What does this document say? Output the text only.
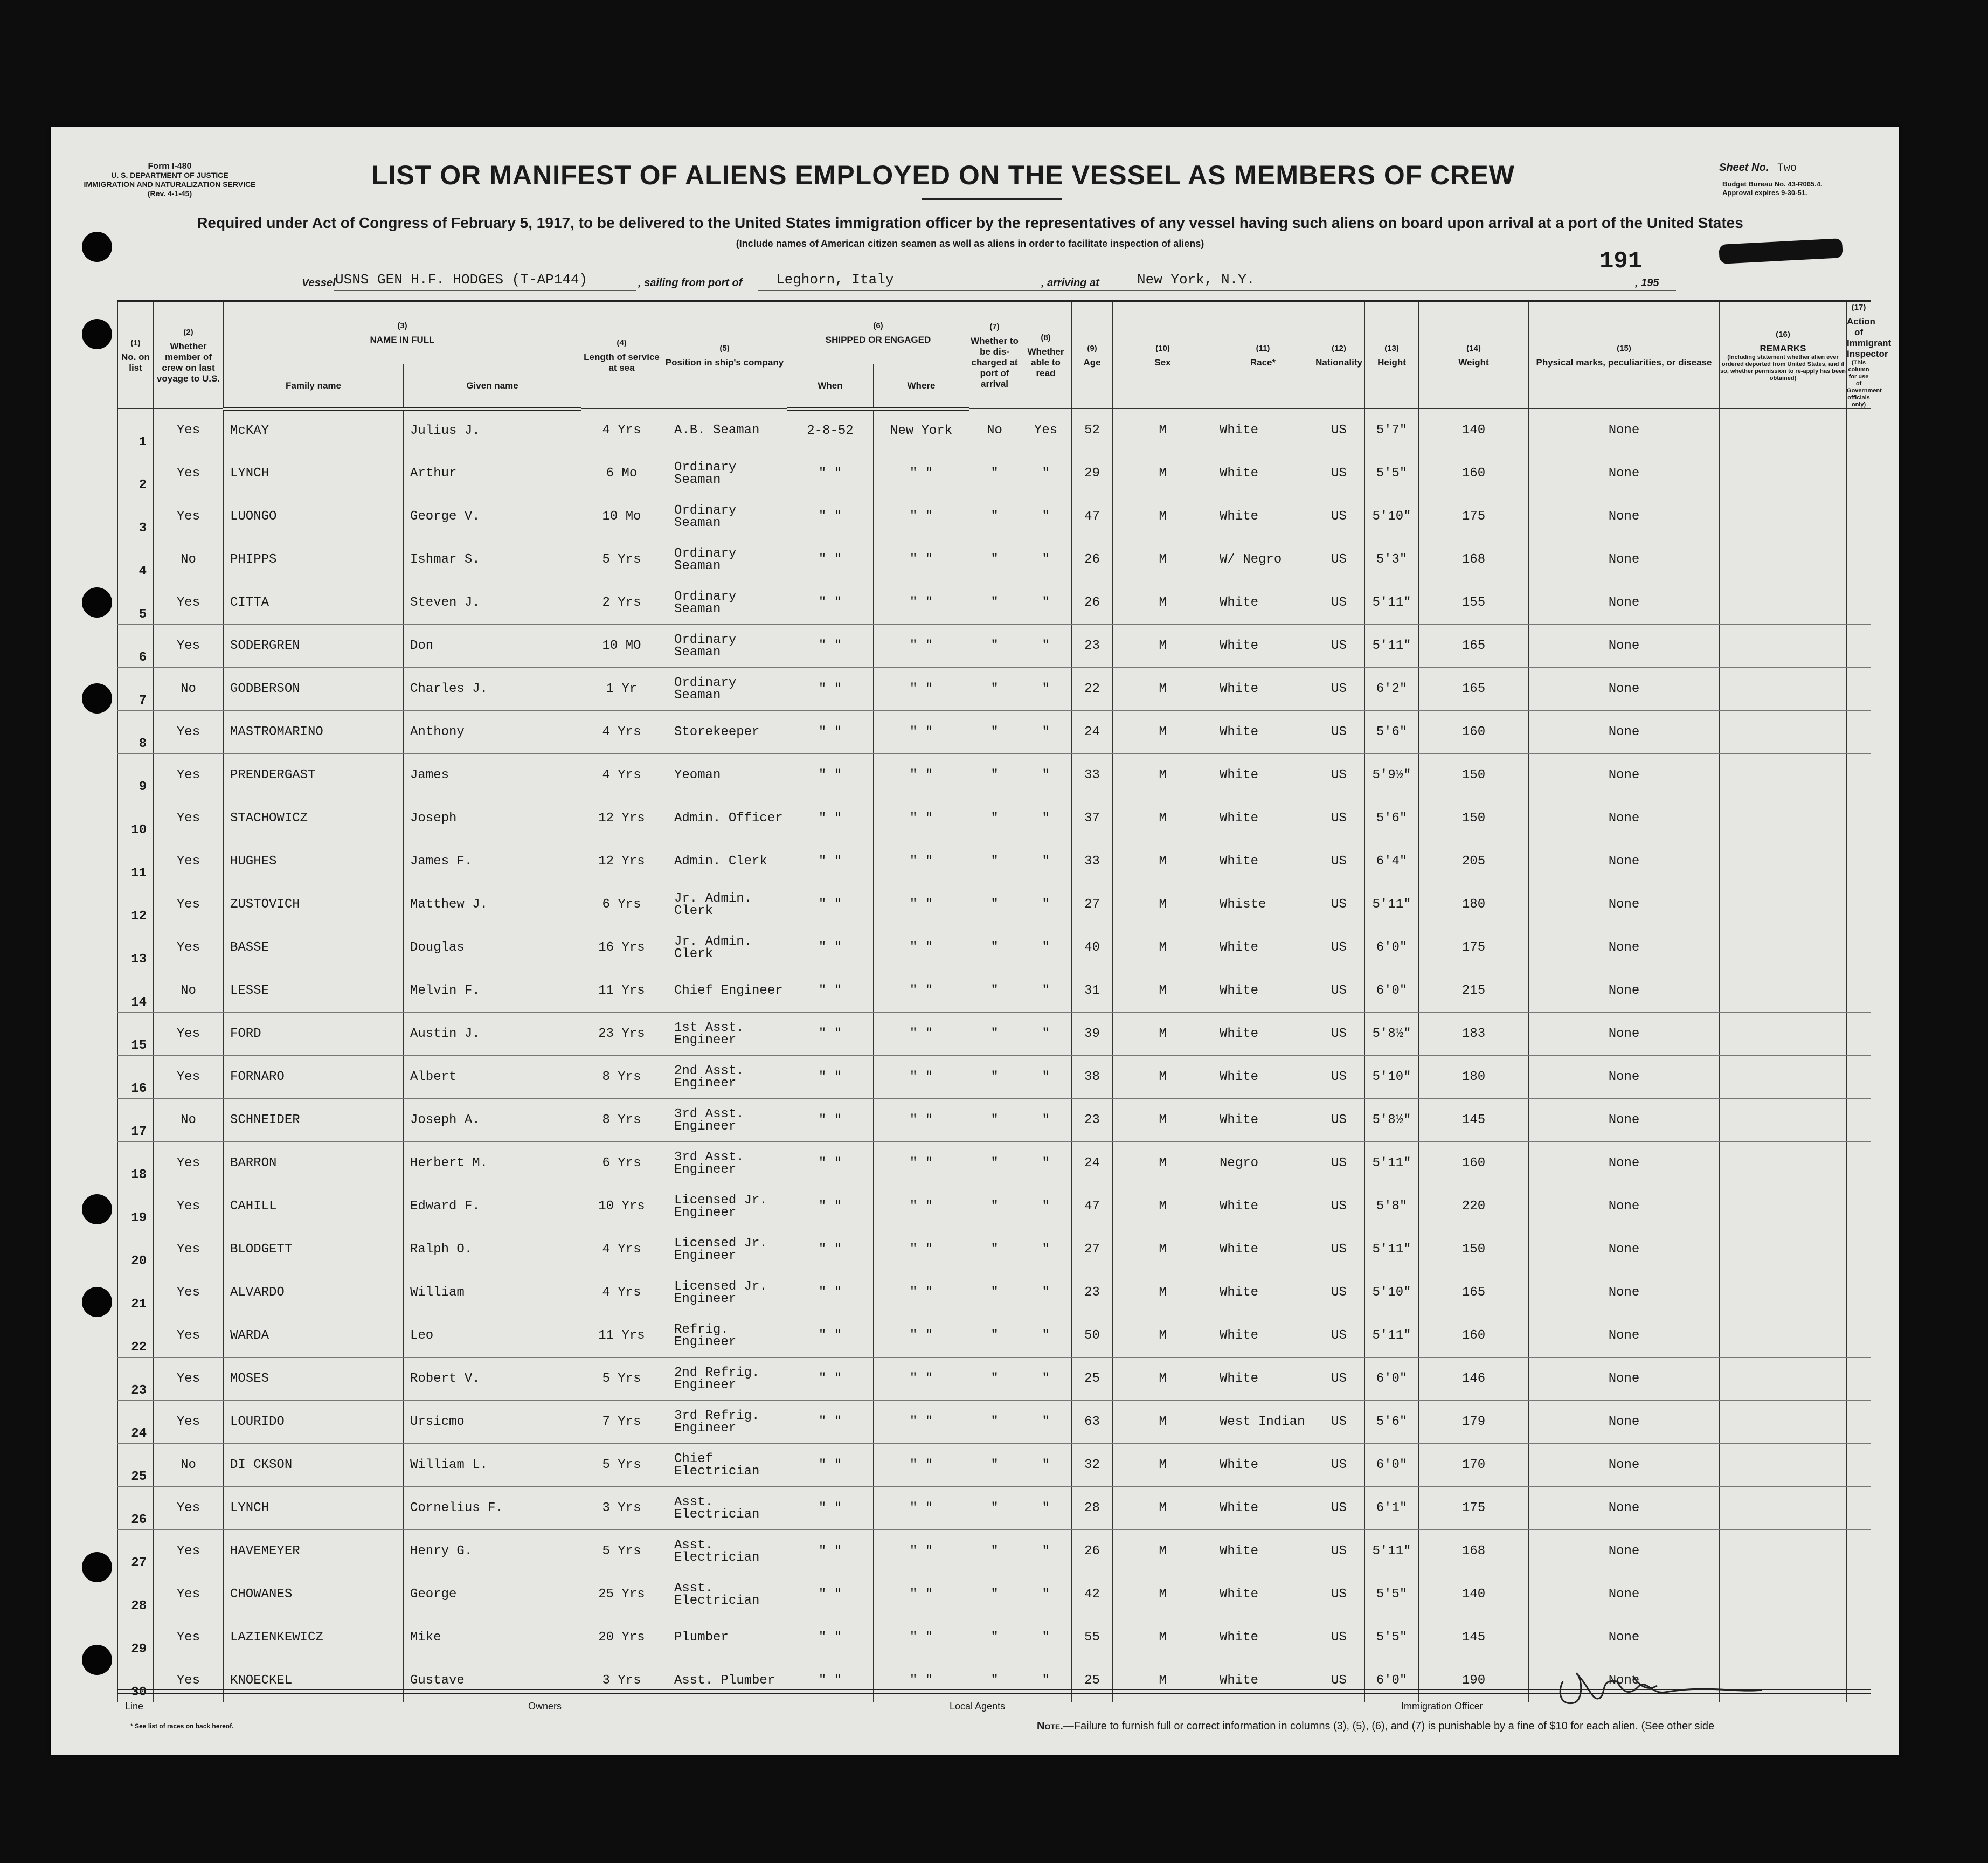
Form I-480
U. S. DEPARTMENT OF JUSTICE
IMMIGRATION AND NATURALIZATION SERVICE
(Rev. 4-1-45)
LIST OR MANIFEST OF ALIENS EMPLOYED ON THE VESSEL AS MEMBERS OF CREW	Sheet No. Two
Budget Bureau No. 43-R065.4.
Approval expires 9-30-51.
Required under Act of Congress of February 5, 1917, to be delivered to the United States immigration officer by the representatives of any vessel having such aliens on board upon arrival at a port of the United States
(Include names of American citizen seamen as well as aliens in order to facilitate inspection of aliens)
Vessel USNS GEN H.F. HODGES (T-AP144)	, sailing from port of Leghorn, Italy	, arriving at	New York, N.Y.	, 195
191
(1)
No. on list	(2)
Whether member of crew on last voyage to U.S.	(3)
NAME IN FULL		(4)
Length of service at sea	(5)
Position in ship's company	(6)
SHIPPED OR ENGAGED		(7)
Whether to be dis-charged at port of arrival	(8)
Whether able to read	(9)
Age	(10)
Sex	(11)
Race*	(12)
Nationality	(13)
Height	(14)
Weight	(15)
Physical marks, peculiarities, or disease	(16)
REMARKS
(Including statement whether alien ever ordered deported from United States, and if so, whether permission to re-apply has been obtained)	(17)
Action of Immigrant Inspector
(This column for use of Government officials only)

		Family name	Given name			When	Where											
1	Yes	McKAY	Julius J.	4 Yrs	A.B. Seaman	2-8-52	New York	No	Yes	52	M	White	US	5'7"	140	None		
2	Yes	LYNCH	Arthur	6 Mo	Ordinary Seaman	" "	" "	"	"	29	M	White	US	5'5"	160	None		
3	Yes	LUONGO	George V.	10 Mo	Ordinary Seaman	" "	" "	"	"	47	M	White	US	5'10"	175	None		
4	No	PHIPPS	Ishmar S.	5 Yrs	Ordinary Seaman	" "	" "	"	"	26	M	W/ Negro	US	5'3"	168	None		
5	Yes	CITTA	Steven J.	2 Yrs	Ordinary Seaman	" "	" "	"	"	26	M	White	US	5'11"	155	None		
6	Yes	SODERGREN	Don	10 MO	Ordinary Seaman	" "	" "	"	"	23	M	White	US	5'11"	165	None		
7	No	GODBERSON	Charles J.	1 Yr	Ordinary Seaman	" "	" "	"	"	22	M	White	US	6'2"	165	None		
8	Yes	MASTROMARINO	Anthony	4 Yrs	Storekeeper	" "	" "	"	"	24	M	White	US	5'6"	160	None		
9	Yes	PRENDERGAST	James	4 Yrs	Yeoman	" "	" "	"	"	33	M	White	US	5'9½"	150	None		
10	Yes	STACHOWICZ	Joseph	12 Yrs	Admin. Officer	" "	" "	"	"	37	M	White	US	5'6"	150	None		
11	Yes	HUGHES	James F.	12 Yrs	Admin. Clerk	" "	" "	"	"	33	M	White	US	6'4"	205	None		
12	Yes	ZUSTOVICH	Matthew J.	6 Yrs	Jr. Admin. Clerk	" "	" "	"	"	27	M	Whiste	US	5'11"	180	None		
13	Yes	BASSE	Douglas	16 Yrs	Jr. Admin. Clerk	" "	" "	"	"	40	M	White	US	6'0"	175	None		
14	No	LESSE	Melvin F.	11 Yrs	Chief Engineer	" "	" "	"	"	31	M	White	US	6'0"	215	None		
15	Yes	FORD	Austin J.	23 Yrs	1st Asst. Engineer	" "	" "	"	"	39	M	White	US	5'8½"	183	None		
16	Yes	FORNARO	Albert	8 Yrs	2nd Asst. Engineer	" "	" "	"	"	38	M	White	US	5'10"	180	None		
17	No	SCHNEIDER	Joseph A.	8 Yrs	3rd Asst. Engineer	" "	" "	"	"	23	M	White	US	5'8½"	145	None		
18	Yes	BARRON	Herbert M.	6 Yrs	3rd Asst. Engineer	" "	" "	"	"	24	M	Negro	US	5'11"	160	None		
19	Yes	CAHILL	Edward F.	10 Yrs	Licensed Jr. Engineer	" "	" "	"	"	47	M	White	US	5'8"	220	None		
20	Yes	BLODGETT	Ralph O.	4 Yrs	Licensed Jr. Engineer	" "	" "	"	"	27	M	White	US	5'11"	150	None		
21	Yes	ALVARDO	William	4 Yrs	Licensed Jr. Engineer	" "	" "	"	"	23	M	White	US	5'10"	165	None		
22	Yes	WARDA	Leo	11 Yrs	Refrig. Engineer	" "	" "	"	"	50	M	White	US	5'11"	160	None		
23	Yes	MOSES	Robert V.	5 Yrs	2nd Refrig. Engineer	" "	" "	"	"	25	M	White	US	6'0"	146	None		
24	Yes	LOURIDO	Ursicmo	7 Yrs	3rd Refrig. Engineer	" "	" "	"	"	63	M	West Indian	US	5'6"	179	None		
25	No	DI CKSON	William L.	5 Yrs	Chief Electrician	" "	" "	"	"	32	M	White	US	6'0"	170	None		
26	Yes	LYNCH	Cornelius F.	3 Yrs	Asst. Electrician	" "	" "	"	"	28	M	White	US	6'1"	175	None		
27	Yes	HAVEMEYER	Henry G.	5 Yrs	Asst. Electrician	" "	" "	"	"	26	M	White	US	5'11"	168	None		
28	Yes	CHOWANES	George	25 Yrs	Asst. Electrician	" "	" "	"	"	42	M	White	US	5'5"	140	None		
29	Yes	LAZIENKEWICZ	Mike	20 Yrs	Plumber	" "	" "	"	"	55	M	White	US	5'5"	145	None		
30	Yes	KNOECKEL	Gustave	3 Yrs	Asst. Plumber	" "	" "	"	"	25	M	White	US	6'0"	190	None		
Line	Owners	Local Agents	Immigration Officer
* See list of races on back hereof.	Note.—Failure to furnish full or correct information in columns (3), (5), (6), and (7) is punishable by a fine of $10 for each alien. (See other side
